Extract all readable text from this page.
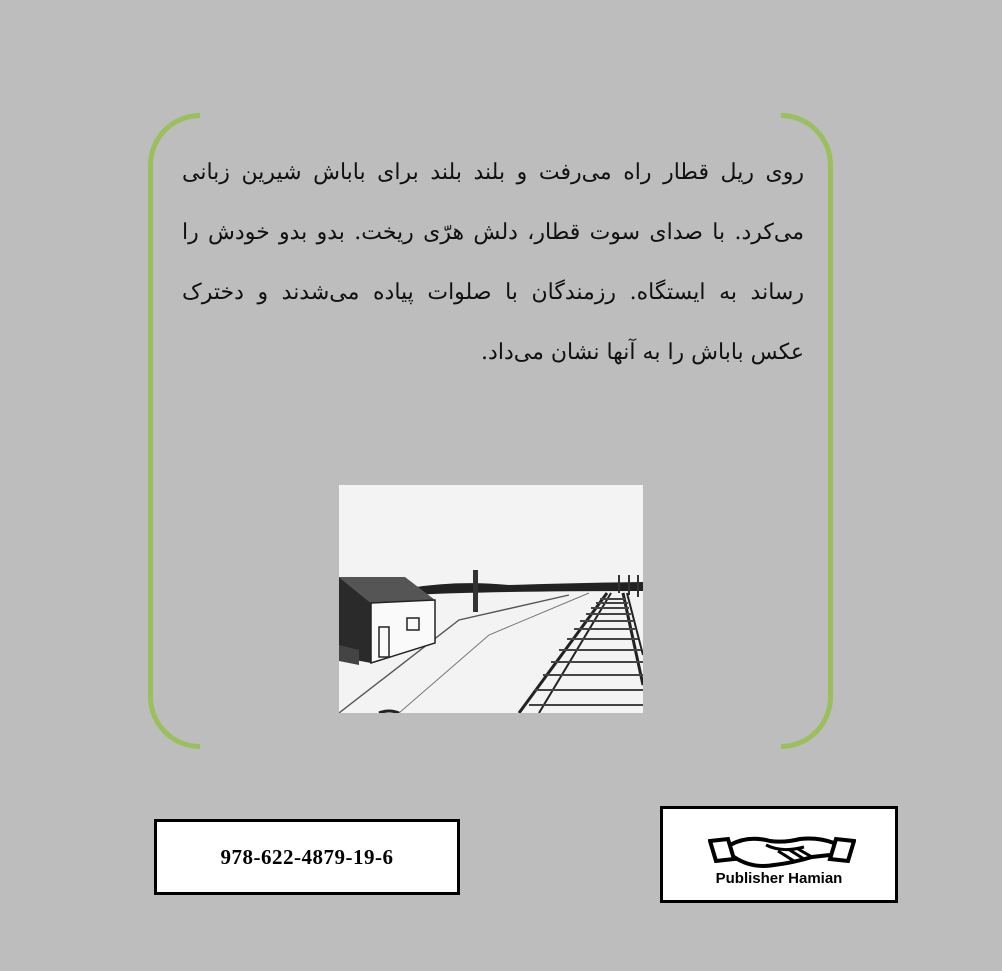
روی ریل قطار راه می‌رفت و بلند بلند برای باباش شیرین زبانی می‌کرد. با صدای سوت قطار، دلش هرّی ریخت. بدو بدو خودش را رساند به ایستگاه. رزمندگان با صلوات پیاده می‌شدند و دخترک عکس باباش را به آنها نشان می‌داد.

978-622-4879-19-6
Publisher Hamian
